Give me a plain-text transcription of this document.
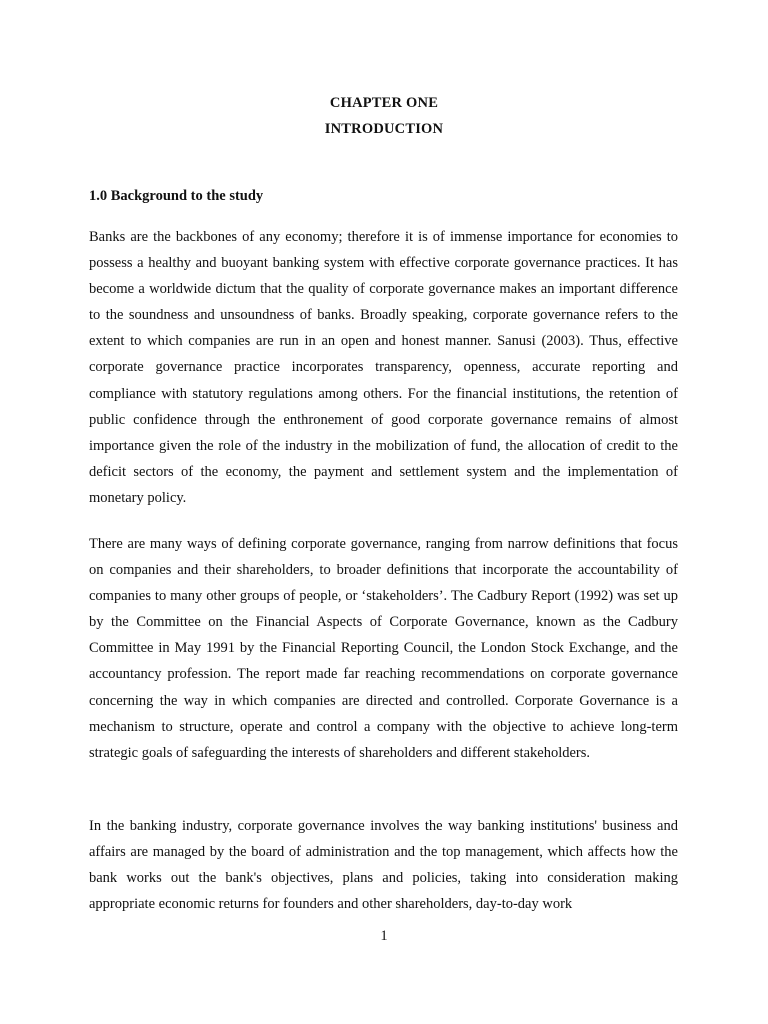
CHAPTER ONE
INTRODUCTION
1.0 Background to the study

Banks are the backbones of any economy; therefore it is of immense importance for economies to possess a healthy and buoyant banking system with effective corporate governance practices. It has become a worldwide dictum that the quality of corporate governance makes an important difference to the soundness and unsoundness of banks. Broadly speaking, corporate governance refers to the extent to which companies are run in an open and honest manner. Sanusi (2003). Thus, effective corporate governance practice incorporates transparency, openness, accurate reporting and compliance with statutory regulations among others. For the financial institutions, the retention of public confidence through the enthronement of good corporate governance remains of almost importance given the role of the industry in the mobilization of fund, the allocation of credit to the deficit sectors of the economy, the payment and settlement system and the implementation of monetary policy.

There are many ways of defining corporate governance, ranging from narrow definitions that focus on companies and their shareholders, to broader definitions that incorporate the accountability of companies to many other groups of people, or ‘stakeholders’. The Cadbury Report (1992) was set up by the Committee on the Financial Aspects of Corporate Governance, known as the Cadbury Committee in May 1991 by the Financial Reporting Council, the London Stock Exchange, and the accountancy profession. The report made far reaching recommendations on corporate governance concerning the way in which companies are directed and controlled. Corporate Governance is a mechanism to structure, operate and control a company with the objective to achieve long-term strategic goals of safeguarding the interests of shareholders and different stakeholders.

In the banking industry, corporate governance involves the way banking institutions' business and affairs are managed by the board of administration and the top management, which affects how the bank works out the bank's objectives, plans and policies, taking into consideration making appropriate economic returns for founders and other shareholders, day-to-day work

1
